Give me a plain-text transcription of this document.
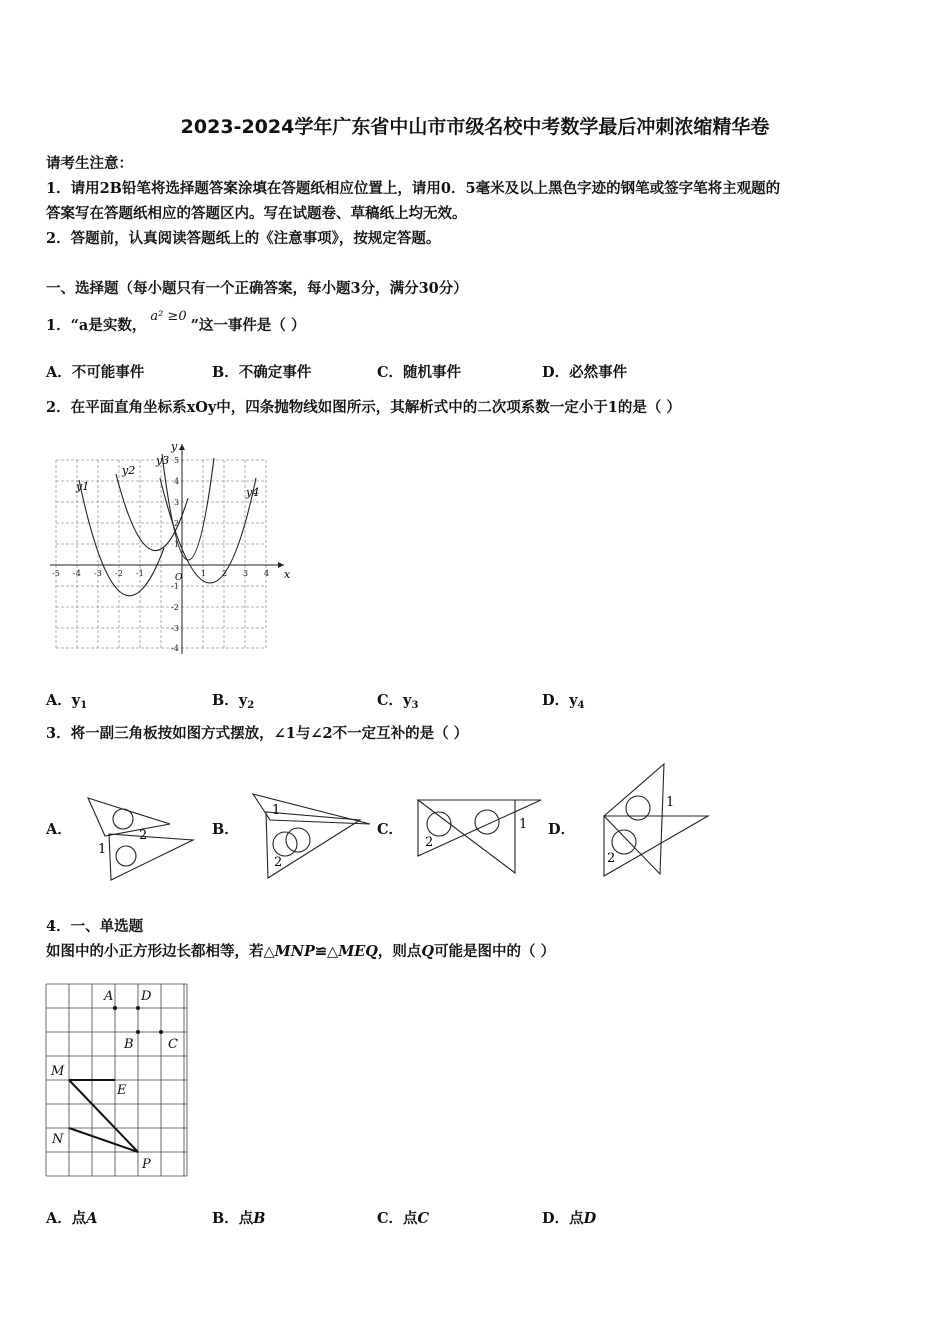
2023-2024学年广东省中山市市级名校中考数学最后冲刺浓缩精华卷
请考生注意：
1．请用2B铅笔将选择题答案涂填在答题纸相应位置上，请用0．5毫米及以上黑色字迹的钢笔或签字笔将主观题的
答案写在答题纸相应的答题区内。写在试题卷、草稿纸上均无效。
2．答题前，认真阅读答题纸上的《注意事项》，按规定答题。
一、选择题（每小题只有一个正确答案，每小题3分，满分30分）
1．“a是实数，a² ≥0”这一事件是（ ）
A．不可能事件	B．不确定事件	C．随机事件	D．必然事件
2．在平面直角坐标系xOy中，四条抛物线如图所示，其解析式中的二次项系数一定小于1的是（ ）
y1
y2
y3
y4
x
y
O
-5 -4 -3 -2 -1	1 2 3 4
5
4
3
2
1
-1
-2
-3
-4
A．$y_1$	B．$y_2$	C．$y_3$	D．$y_4$
3．将一副三角板按如图方式摆放，∠1与∠2不一定互补的是（ ）
A．	2
1
B．
1
2
C．	1
2
D．
1
2
4．一、单选题
如图中的小正方形边长都相等，若△MNP≌△MEQ，则点Q可能是图中的（ ）
A D
B	C
M
E
N
P
A．点A	B．点B	C．点C	D．点D
